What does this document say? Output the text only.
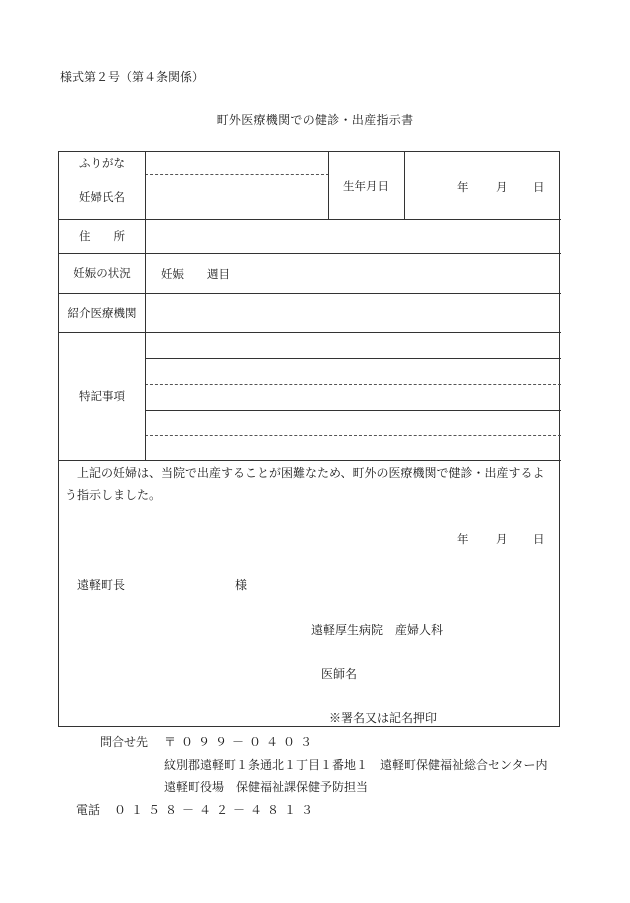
様式第２号（第４条関係）
町外医療機関での健診・出産指示書
ふりがな
妊婦氏名
生年月日	年 月 日
住　　所
妊娠の状況	妊娠　　週目
紹介医療機関
特記事項
上記の妊婦は、当院で出産することが困難なため、町外の医療機関で健診・出産するよう指示しました。
年 月 日
遠軽町長	様
遠軽厚生病院　産婦人科
医師名
※署名又は記名押印
問合せ先 〒０９９－０４０３
紋別郡遠軽町１条通北１丁目１番地１　遠軽町保健福祉総合センター内
遠軽町役場　保健福祉課保健予防担当
電話 ０１５８－４２－４８１３
